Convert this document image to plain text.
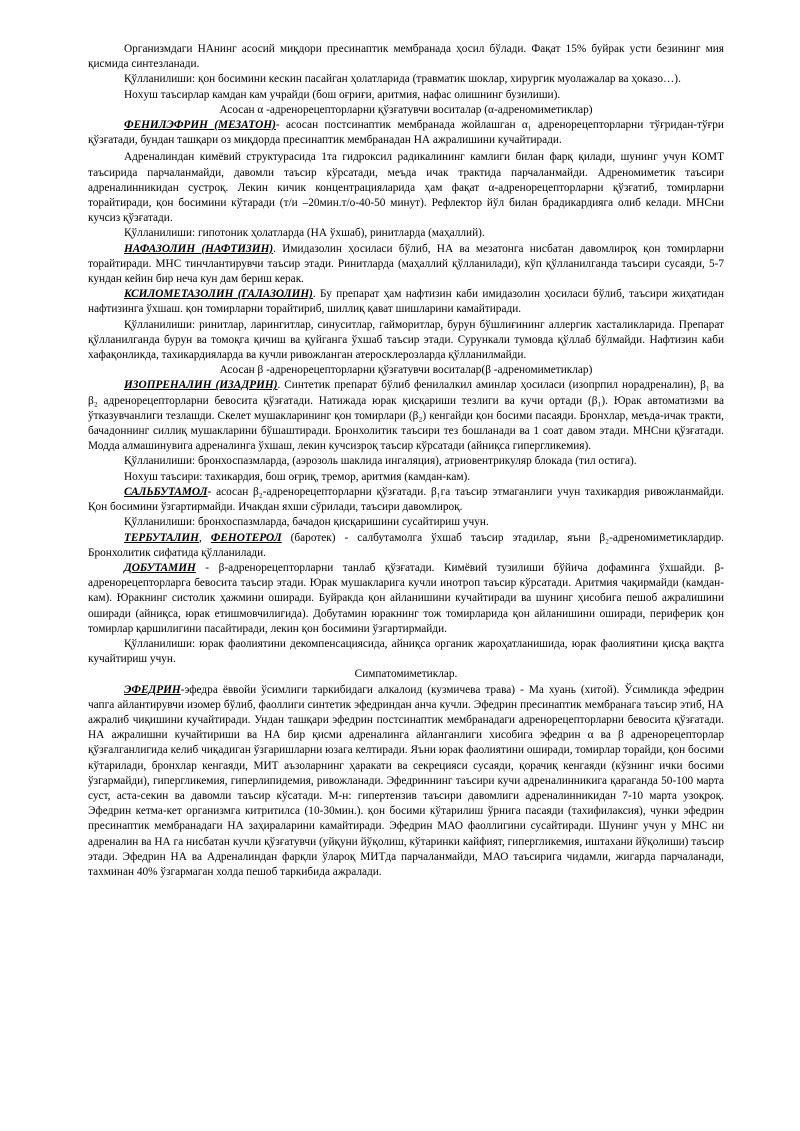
Организмдаги НАнинг асосий миқдори пресинаптик мембранада ҳосил бўлади. Фақат 15% буйрак усти безининг мия қисмида синтезланади.

Қўлланилиши: қон босимини кескин пасайган ҳолатларида (травматик шоклар, хирургик муолажалар ва ҳоказо…).

Ноxуш таъсирлар камдан кам учрайди (бош оғриғи, аритмия, нафас олишнинг бузилиши).

Асосан α -адренорецепторларни қўзғатувчи воситалар (α-адреномиметиклар)

ФЕНИЛЭФРИН (МЕЗАТОН)- асосан постсинаптик мембранада жойлашган α₁ адренорецепторларни тўғридан-тўғри қўзғатади, бундан ташқари оз миқдорда пресинаптик мембранадан НА ажралишини кучайтиради.

Адреналиндан кимёвий структурасида 1та гидроксил радикалининг камлиги билан фарқ қилади, шунинг учун КОМТ таъсирида парчаланмайди, давомли таъсир кўрсатади, меъда ичак трактида парчаланмайди. Адреномиметик таъсири адреналинникидан сустроқ. Лекин кичик концентрацияларида ҳам фақат α-адренорецепторларни қўзғатиб, томирларни торайтиради, қон босимини кўтаради (т/и –20мин.т/о-40-50 минут). Рефлектор йўл билан брадикардияга олиб келади. МНСни кучсиз қўзғатади.

Қўлланилиши: гипотоник ҳолатларда (НА ўхшаб), ринитларда (маҳаллий).

НАФАЗОЛИН (НАФТИЗИН). Имидазолин ҳосиласи бўлиб, НА ва мезатонга нисбатан давомлироқ қон томирларни торайтиради. МНС тинчлантирувчи таъсир этади. Ринитларда (маҳаллий қўлланилади), кўп қўлланилганда таъсири сусаяди, 5-7 кундан кейин бир неча кун дам бериш керак.

КСИЛОМЕТАЗОЛИН (ГАЛАЗОЛИН). Бу препарат ҳам нафтизин каби имидазолин ҳосиласи бўлиб, таъсири жиҳатидан нафтизинга ўхшаш. қон томирларни торайтириб, шиллиқ қават шишларини камайтиради.

Қўлланилиши: ринитлар, ларингитлар, синуситлар, гайморитлар, бурун бўшлиғининг аллергик хасталикларида. Препарат қўлланилганда бурун ва томоқга қичиш ва қуйганга ўхшаб таъсир этади. Сурункали тумовда қўллаб бўлмайди. Нафтизин каби хафақонликда, тахикардияларда ва кучли ривожланган атеросклерозларда қўлланилмайди.

Асосан β -адренорецепторларни қўзғатувчи воситалар(β -адреномиметиклар)

ИЗОПРЕНАЛИН (ИЗАДРИН). Синтетик препарат бўлиб фенилалкил аминлар ҳосиласи (изопрпил норадреналин), β₁ ва β₂ адренорецепторларни бевосита қўзғатади. Натижада юрак қисқариши тезлиги ва кучи ортади (β₁). Юрак автоматизми ва ўтказувчанлиги тезлашди. Скелет мушакларининг қон томирлари (β₂) кенгайди қон босими пасаяди. Бронхлар, меъда-ичак тракти, бачадоннинг силлиқ мушакларини бўшаштиради. Бронхолитик таъсири тез бошланади ва 1 соат давом этади. МНСни қўзғатади. Модда алмашинувига адреналинга ўхшаш, лекин кучсизроқ таъсир кўрсатади (айниқса гипергликемия).

Қўлланилиши: бронхоспазмларда, (аэрозоль шаклида ингаляция), атриовентрикуляр блокада (тил остига).

Ноxуш таъсири: тахикардия, бош оғриқ, тремор, аритмия (камдан-кам).

САЛЬБУТАМОЛ- асосан β₂-адренорецепторларни қўзғатади. β₁га таъсир этмаганлиги учун тахикардия ривожланмайди. Қон босимини ўзгартирмайди. Ичакдан яхши сўрилади, таъсири давомлироқ.

Қўлланилиши: бронхоспазмларда, бачадон қисқаришини сусайтириш учун.

ТЕРБУТАЛИН, ФЕНОТЕРОЛ (баротек) - салбутамолга ўхшаб таъсир этадилар, яъни β₂-адреномиметиклардир. Бронхолитик сифатида қўлланилади.

ДОБУТАМИН - β-адренорецепторларни танлаб қўзғатади. Кимёвий тузилиши бўйича дофаминга ўхшайди. β-адренорецепторларга бевосита таъсир этади. Юрак мушакларига кучли инотроп таъсир кўрсатади. Аритмия чақирмайди (камдан-кам). Юракнинг систолик ҳажмини оширади. Буйракда қон айланишини кучайтиради ва шунинг ҳисобига пешоб ажралишини оширади (айниқса, юрак етишмовчилигида). Добутамин юракнинг тож томирларида қон айланишини оширади, периферик қон томирлар қаршилигини пасайтиради, лекин қон босимини ўзгартирмайди.

Қўлланилиши: юрак фаолиятини декомпенсациясида, айниқса органик жароҳатланишида, юрак фаолиятини қисқа вақтга кучайтириш учун.

Симпатомиметиклар.

ЭФЕДРИН-эфедра ёввойи ўсимлиги таркибидаги алкалоид (кузмичева трава) - Ма хуань (хитой). Ўсимликда эфедрин чапга айлантирувчи изомер бўлиб, фаоллиги синтетик эфедриндан анча кучли. Эфедрин пресинаптик мембранага таъсир этиб, НА ажралиб чиқишини кучайтиради. Ундан ташқари эфедрин постсинаптик мембранадаги адренорецепторларни бевосита қўзғатади. НА ажралишни кучайтириши ва НА бир қисми адреналинга айланганлиги хисобига эфедрин α ва β адренорецепторлар қўзғалганлигида келиб чиқадиган ўзгаришларни юзага келтиради. Яъни юрак фаолиятини оширади, томирлар торайди, қон босими кўтарилади, бронхлар кенгаяди, МИТ аъзоларнинг ҳаракати ва секрецияси сусаяди, қорачиқ кенгаяди (кўзнинг ички босими ўзгармайди), гипергликемия, гиперлипидемия, ривожланади. Эфедриннинг таъсири кучи адреналинникига қараганда 50-100 марта суст, аста-секин ва давомли таъсир кўсатади. М-н: гипертензив таъсири давомлиги адреналинникидан 7-10 марта узоқроқ. Эфедрин кетма-кет организмга китритилса (10-30мин.). қон босими кўтарилиш ўрнига пасаяди (тахифилаксия), чунки эфедрин пресинаптик мембранадаги НА заҳираларини камайтиради. Эфедрин МАО фаоллигини сусайтиради. Шунинг учун у МНС ни адреналин ва НА га нисбатан кучли қўзғатувчи (уйқуни йўқолиш, кўтаринки кайфият, гипергликемия, иштаxани йўқолиши) таъсир этади. Эфедрин НА ва Адреналиндан фарқли ўлароқ МИТда парчаланмайди, МАО таъсирига чидамли, жигарда парчаланади, таxминан 40% ўзгармаган холда пешоб таркибида ажралади.
